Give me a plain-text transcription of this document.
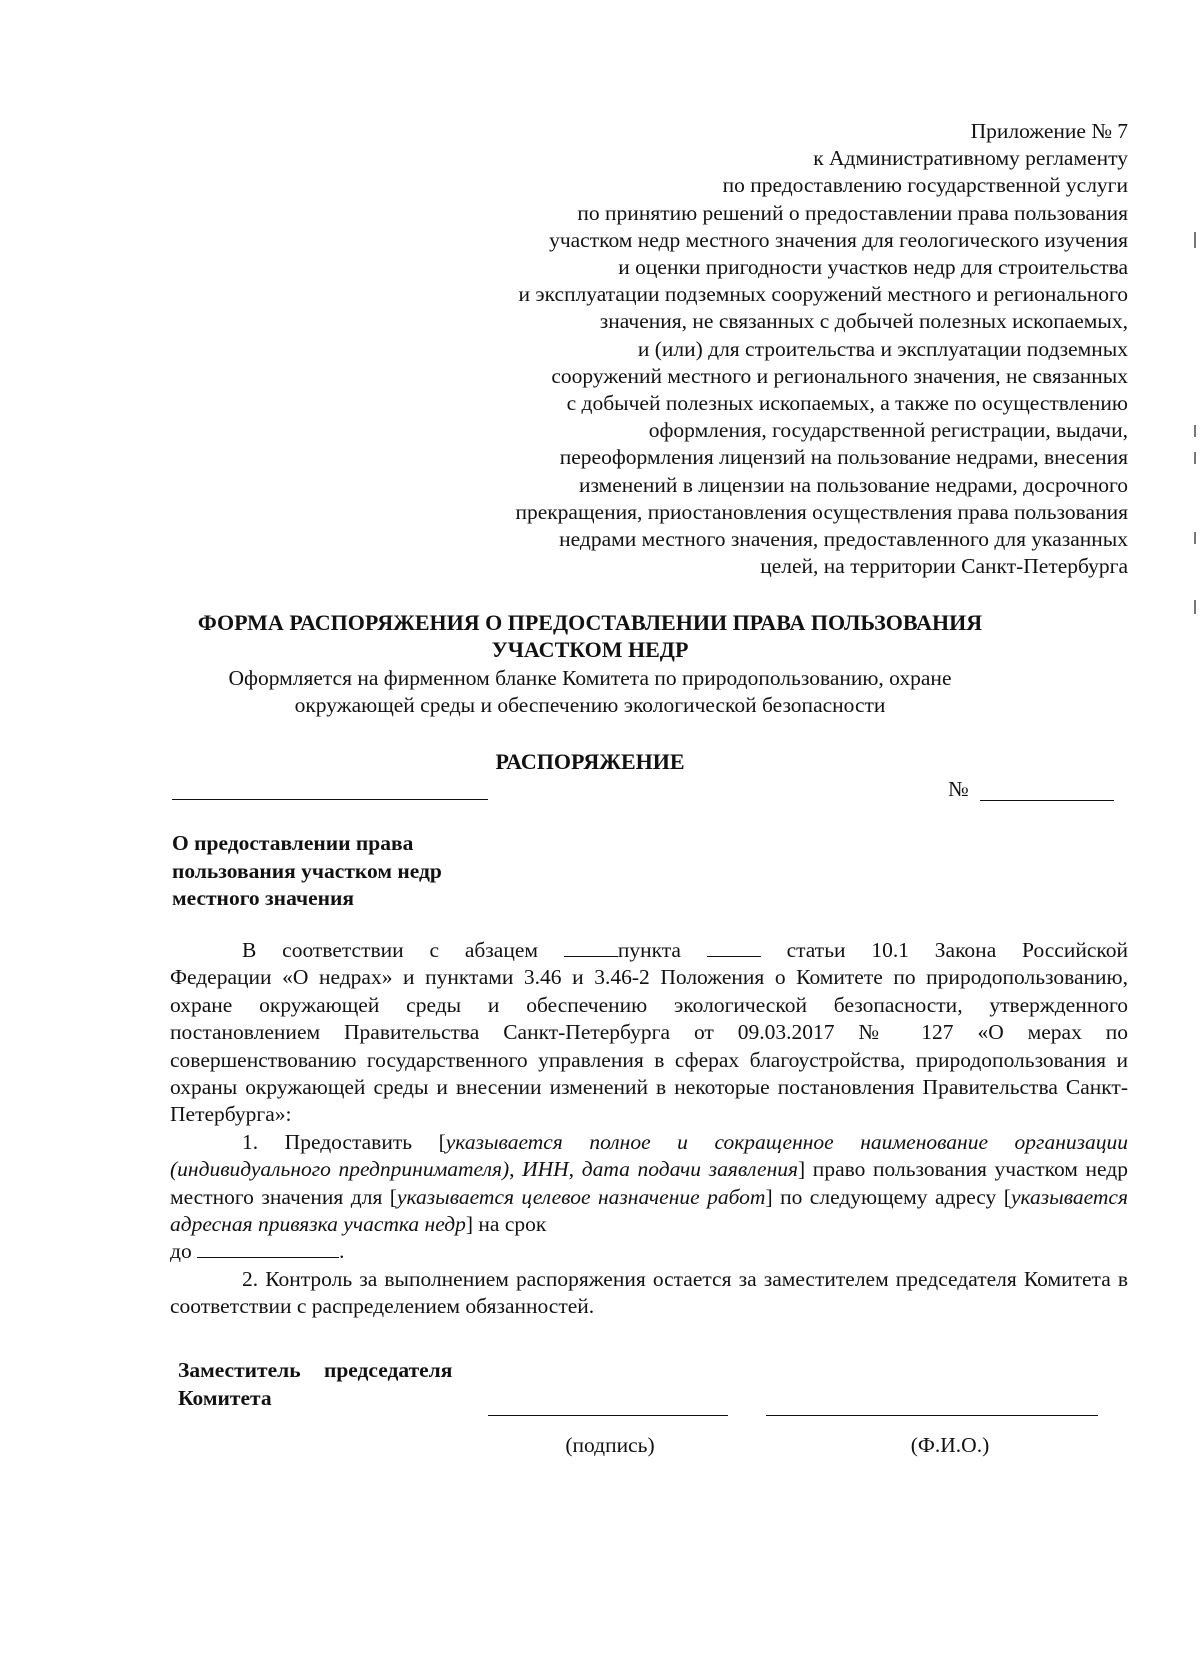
Приложение № 7
к Административному регламенту
по предоставлению государственной услуги
по принятию решений о предоставлении права пользования
участком недр местного значения для геологического изучения
и оценки пригодности участков недр для строительства
и эксплуатации подземных сооружений местного и регионального
значения, не связанных с добычей полезных ископаемых,
и (или) для строительства и эксплуатации подземных
сооружений местного и регионального значения, не связанных
с добычей полезных ископаемых, а также по осуществлению
оформления, государственной регистрации, выдачи,
переоформления лицензий на пользование недрами, внесения
изменений в лицензии на пользование недрами, досрочного
прекращения, приостановления осуществления права пользования
недрами местного значения, предоставленного для указанных
целей, на территории Санкт-Петербурга
ФОРМА РАСПОРЯЖЕНИЯ О ПРЕДОСТАВЛЕНИИ ПРАВА ПОЛЬЗОВАНИЯ
УЧАСТКОМ НЕДР
Оформляется на фирменном бланке Комитета по природопользованию, охране
окружающей среды и обеспечению экологической безопасности
РАСПОРЯЖЕНИЕ
№
О предоставлении права
пользования участком недр
местного значения

В соответствии с абзацем	пункта	статьи 10.1 Закона Российской

Федерации «О недрах» и пунктами 3.46 и 3.46-2 Положения о Комитете по природопользованию, охране окружающей среды и обеспечению экологической безопасности, утвержденного постановлением Правительства Санкт-Петербурга от 09.03.2017 № 127 «О мерах по совершенствованию государственного управления в сферах благоустройства, природопользования и охраны окружающей среды и внесении изменений в некоторые постановления Правительства Санкт-Петербурга»:

1. Предоставить [указывается полное и сокращенное наименование организации (индивидуального предпринимателя), ИНН, дата подачи заявления] право пользования участком недр местного значения для [указывается целевое назначение работ] по следующему адресу [указывается адресная привязка участка недр] на срок
до	.

2. Контроль за выполнением распоряжения остается за заместителем председателя Комитета в соответствии с распределением обязанностей.

Заместитель председателя
Комитета
(подпись)	(Ф.И.О.)
